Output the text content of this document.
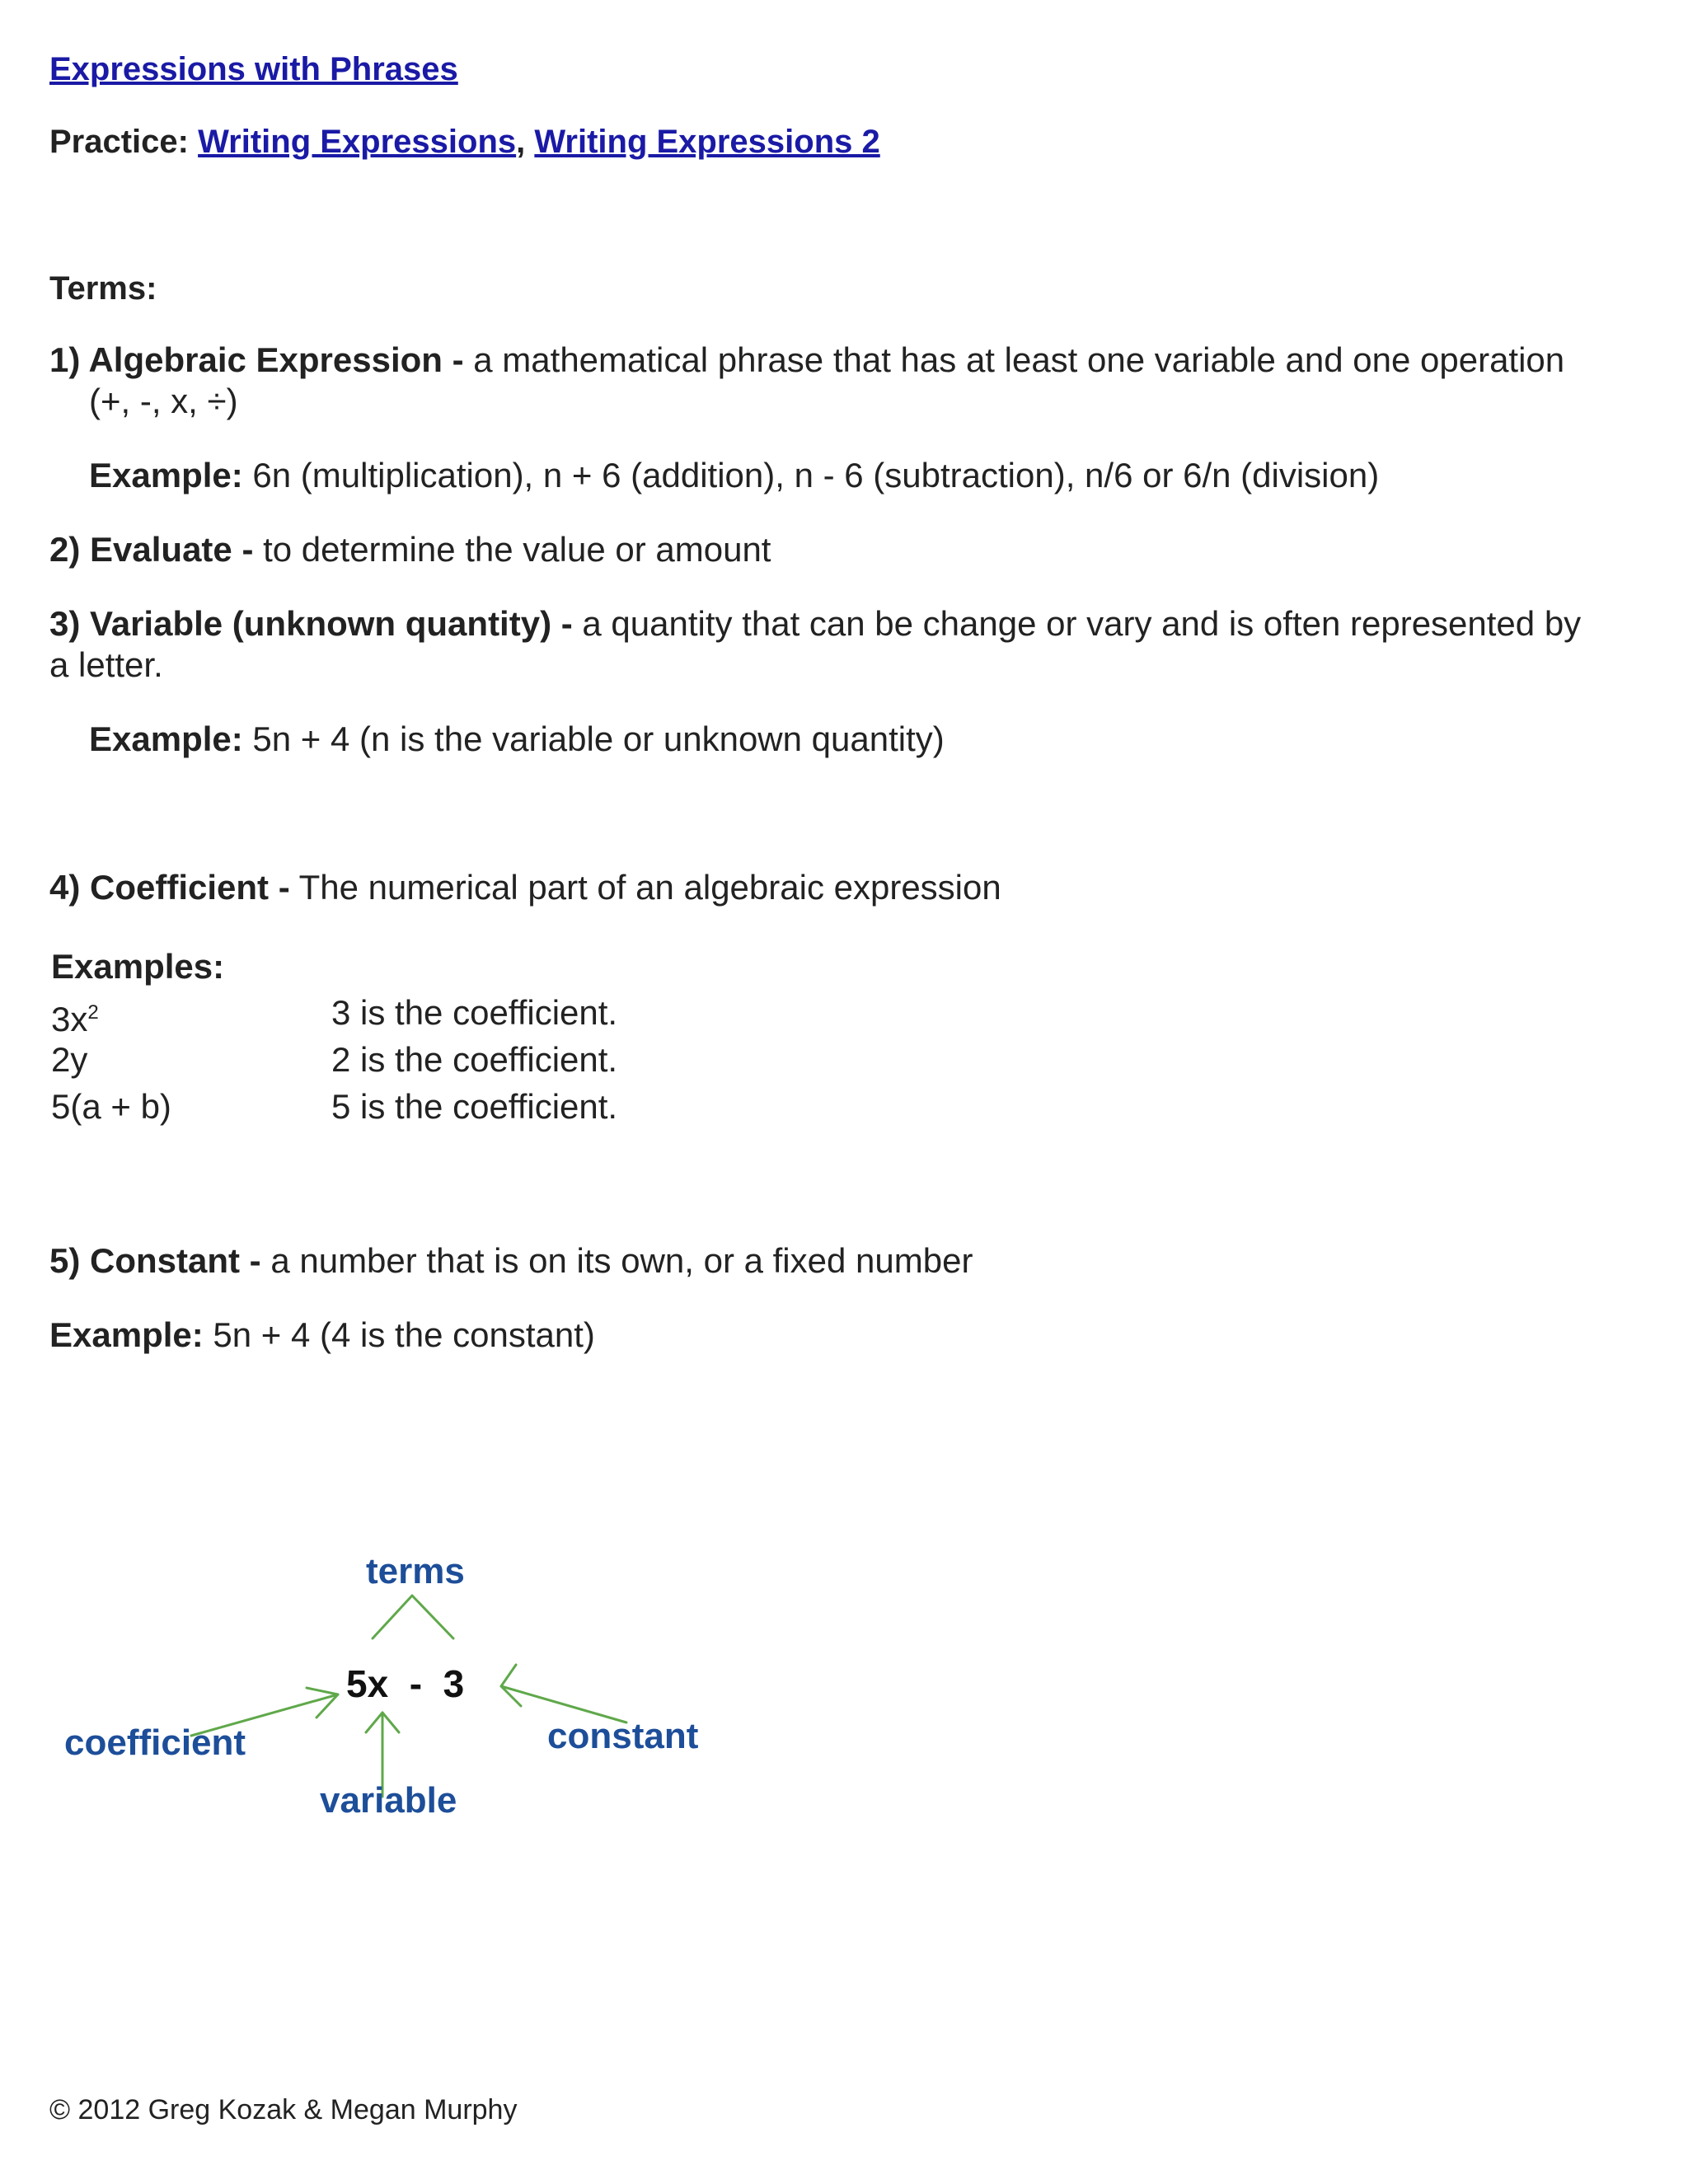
Expressions with Phrases
Practice: Writing Expressions, Writing Expressions 2
Terms:
1) Algebraic Expression - a mathematical phrase that has at least one variable and one operation
(+, -, x, ÷)
Example: 6n (multiplication), n + 6 (addition), n - 6 (subtraction), n/6 or 6/n (division)
2) Evaluate - to determine the value or amount
3) Variable (unknown quantity) - a quantity that can be change or vary and is often represented by
a letter.
Example: 5n + 4 (n is the variable or unknown quantity)
4) Coefficient - The numerical part of an algebraic expression
Examples:
$3x^2$	3 is the coefficient.
2y	2 is the coefficient.
5(a + b)	5 is the coefficient.
5) Constant - a number that is on its own, or a fixed number
Example: 5n + 4 (4 is the constant)
terms
5x  -  3
coefficient
variable
constant
© 2012 Greg Kozak & Megan Murphy
